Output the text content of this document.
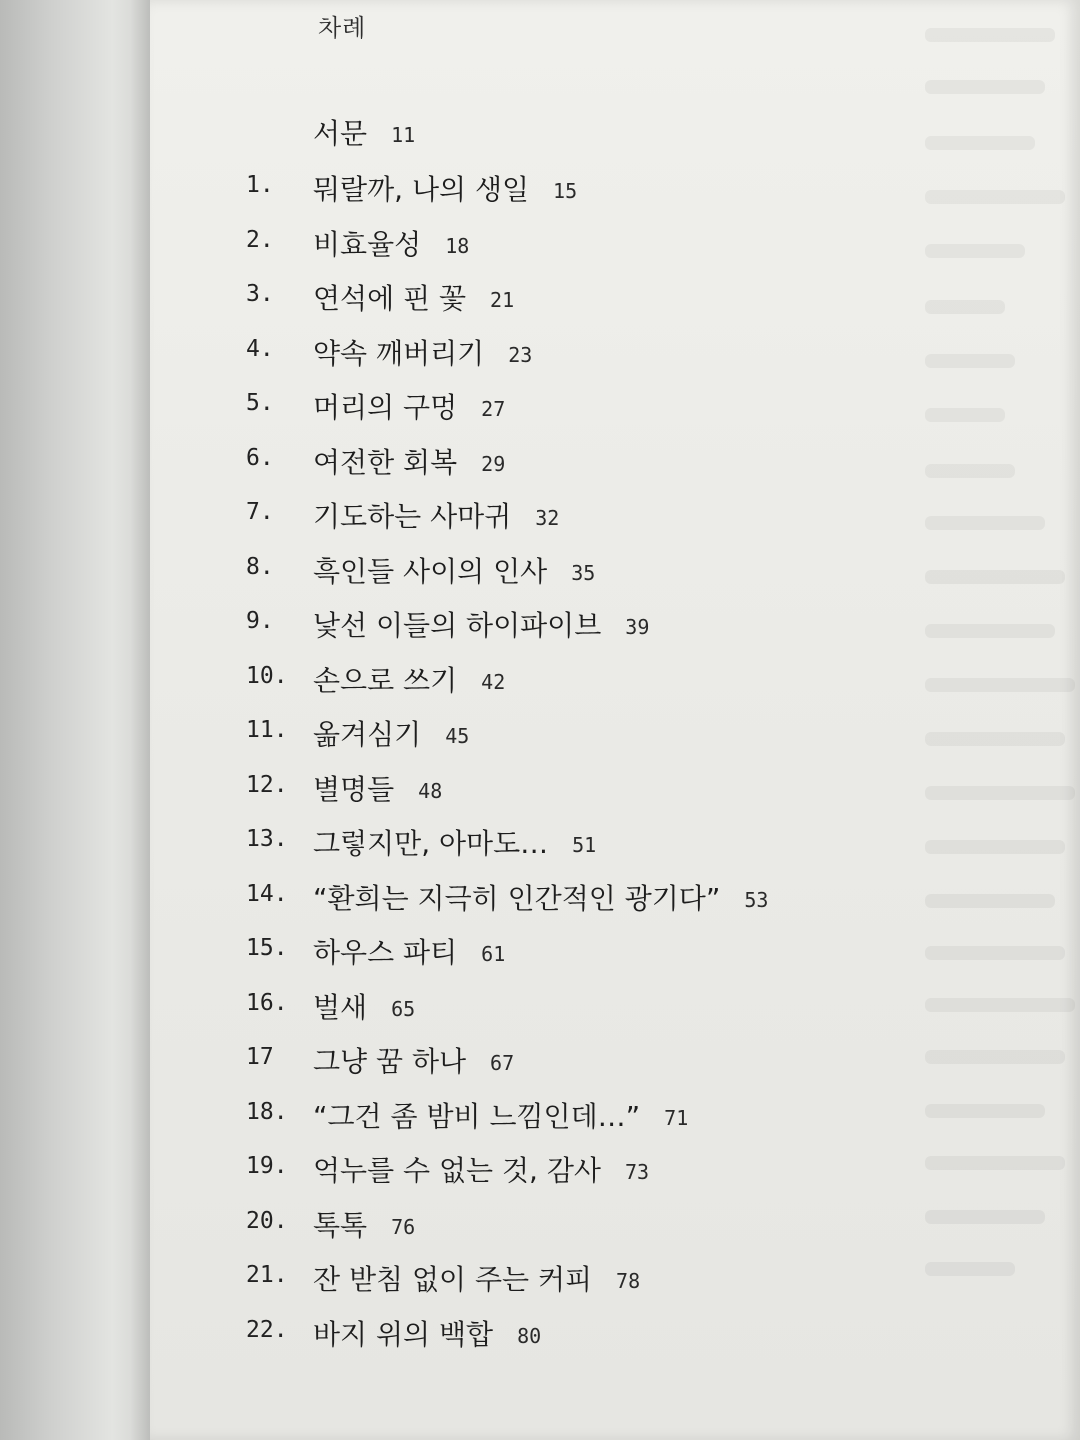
차례
서문 11
1. 뭐랄까, 나의 생일 15
2. 비효율성 18
3. 연석에 핀 꽃 21
4. 약속 깨버리기 23
5. 머리의 구멍 27
6. 여전한 회복 29
7. 기도하는 사마귀 32
8. 흑인들 사이의 인사 35
9. 낯선 이들의 하이파이브 39
10. 손으로 쓰기 42
11. 옮겨심기 45
12. 별명들 48
13. 그렇지만, 아마도… 51
14. “환희는 지극히 인간적인 광기다” 53
15. 하우스 파티 61
16. 벌새 65
17 그냥 꿈 하나 67
18. “그건 좀 밤비 느낌인데…” 71
19. 억누를 수 없는 것, 감사 73
20. 톡톡 76
21. 잔 받침 없이 주는 커피 78
22. 바지 위의 백합 80
